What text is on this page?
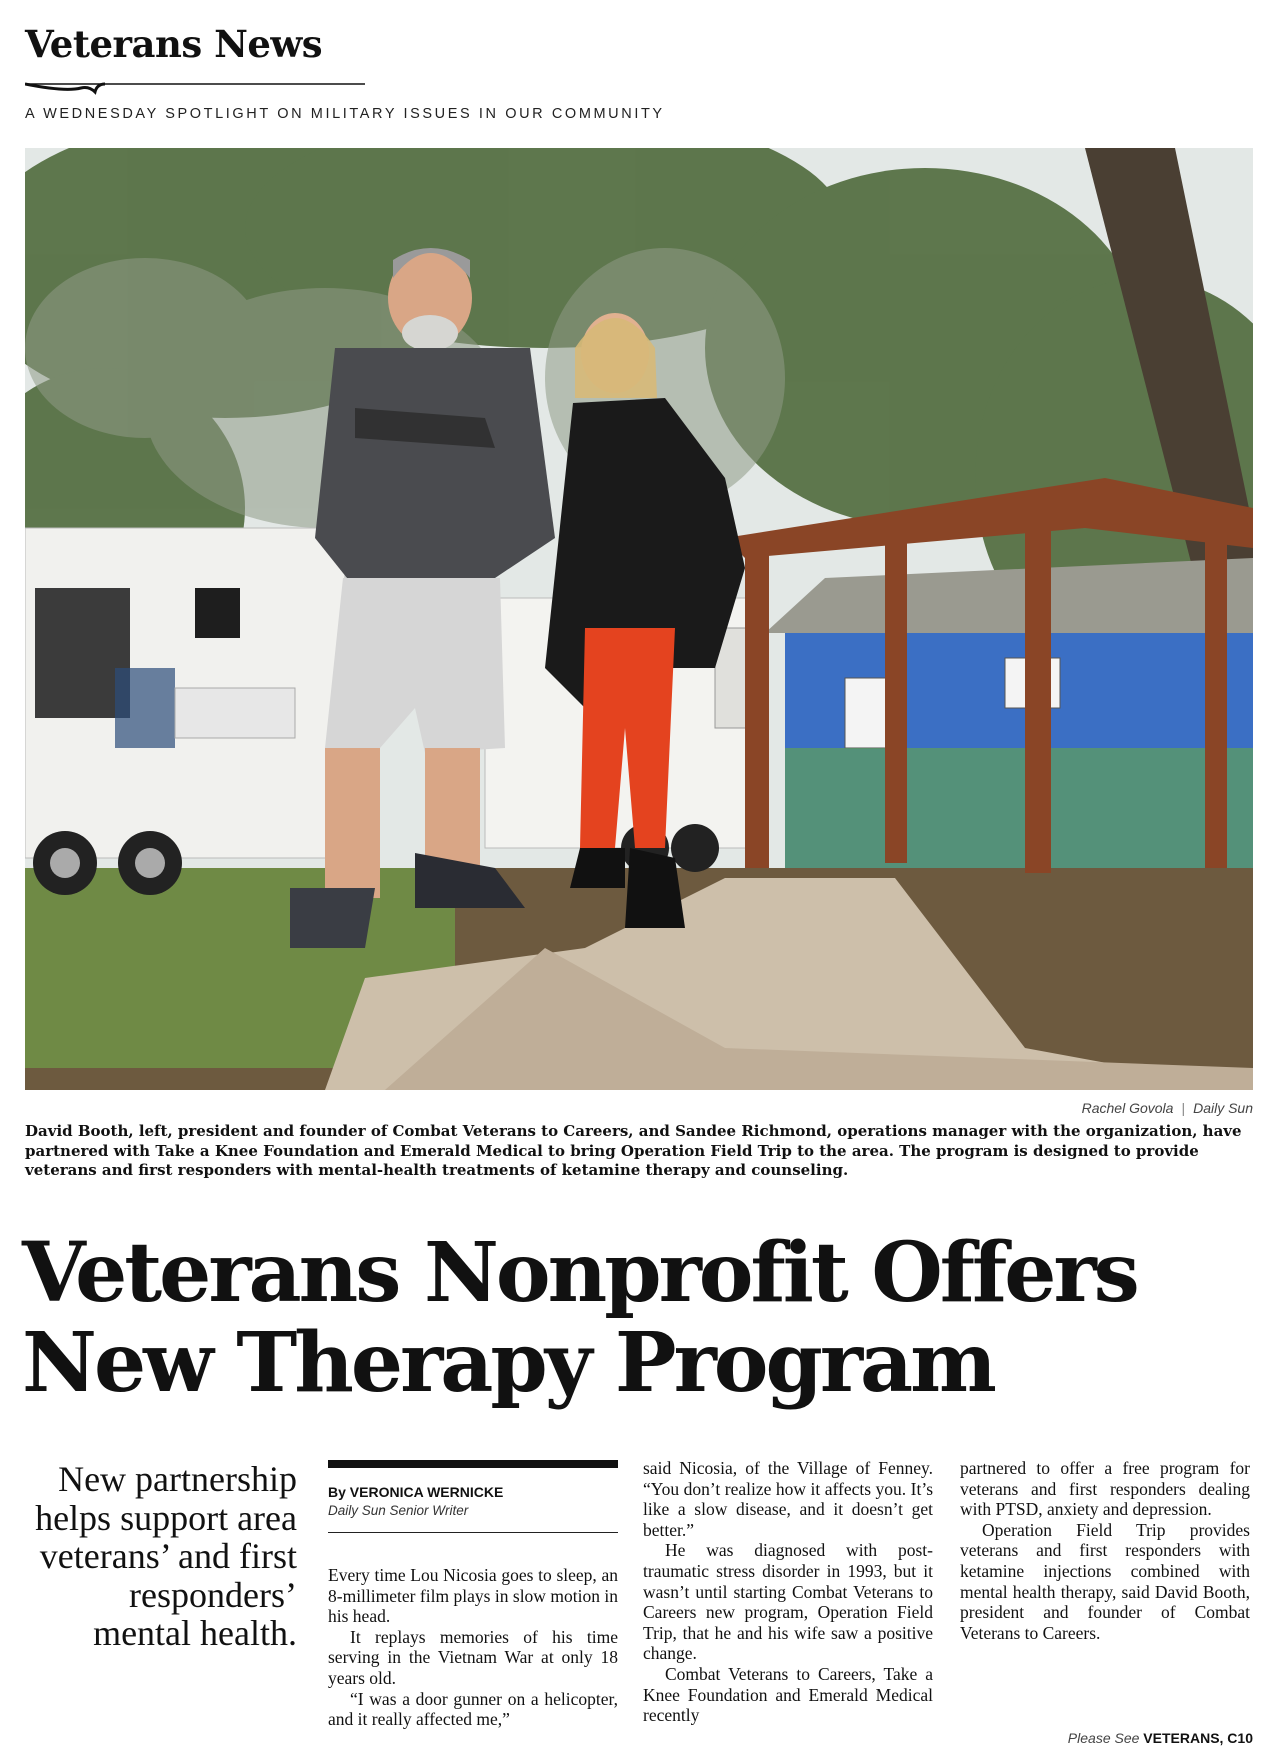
Veterans News
A WEDNESDAY SPOTLIGHT ON MILITARY ISSUES IN OUR COMMUNITY
Rachel Govola | Daily Sun
David Booth, left, president and founder of Combat Veterans to Careers, and Sandee Richmond, operations manager with the organization, have partnered with Take a Knee Foundation and Emerald Medical to bring Operation Field Trip to the area. The program is designed to provide veterans and first responders with mental-health treatments of ketamine therapy and counseling.
Veterans Nonprofit Offers
New Therapy Program
New partnership helps support area veterans’ and first responders’ mental health.
By VERONICA WERNICKE
Daily Sun Senior Writer

Every time Lou Nicosia goes to sleep, an 8-millimeter film plays in slow motion in his head.

It replays memories of his time serving in the Vietnam War at only 18 years old.

“I was a door gunner on a helicopter, and it really affected me,”

said Nicosia, of the Village of Fenney. “You don’t realize how it affects you. It’s like a slow disease, and it doesn’t get better.”

He was diagnosed with post-traumatic stress disorder in 1993, but it wasn’t until starting Combat Veterans to Careers new program, Operation Field Trip, that he and his wife saw a positive change.

Combat Veterans to Careers, Take a Knee Foundation and Emerald Medical recently

partnered to offer a free program for veterans and first responders dealing with PTSD, anxiety and depression.

Operation Field Trip provides veterans and first responders with ketamine injections combined with mental health therapy, said David Booth, president and founder of Combat Veterans to Careers.

Please See VETERANS, C10
